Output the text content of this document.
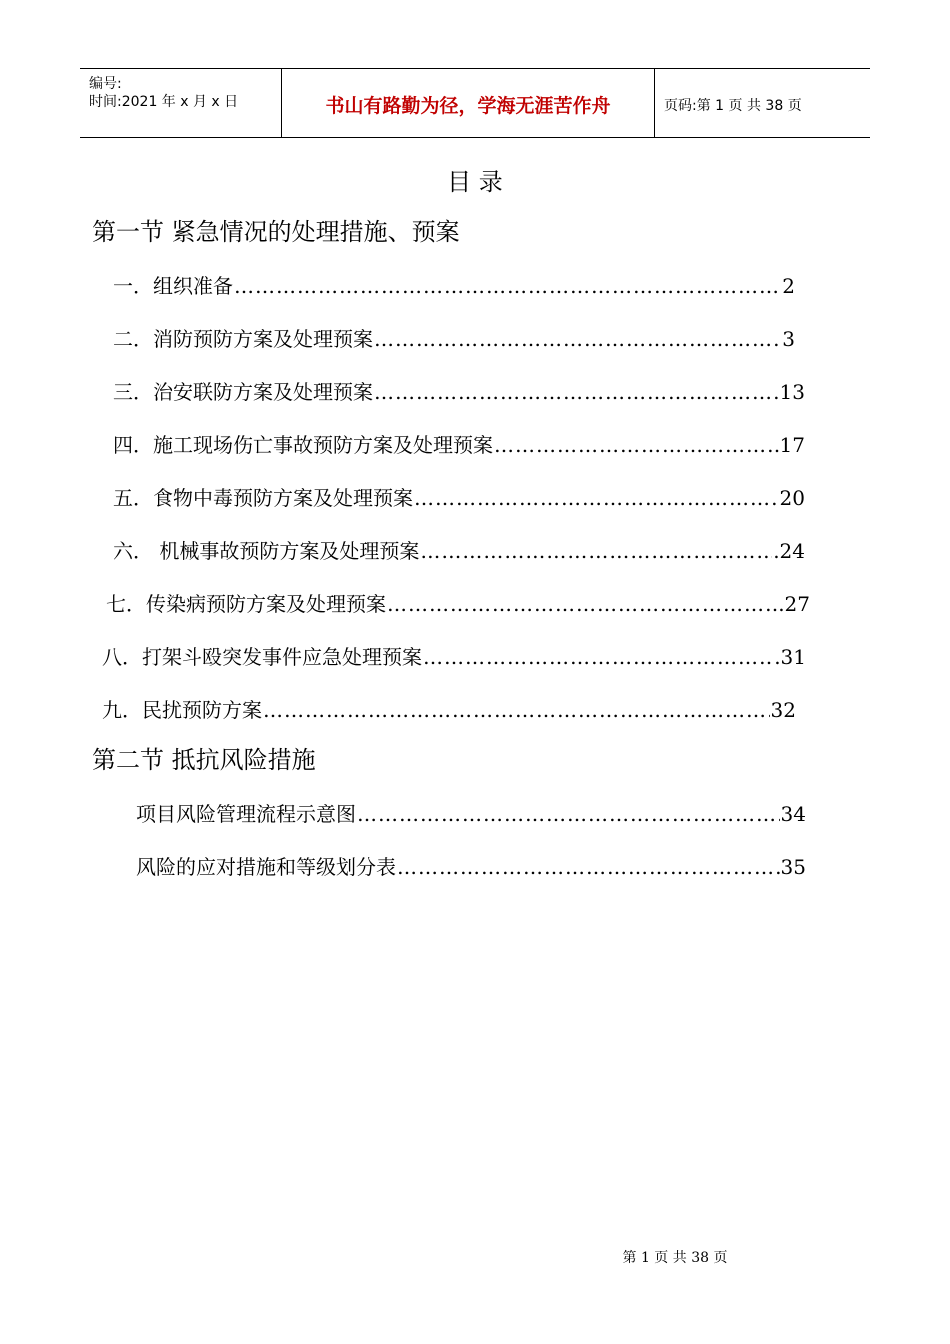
编号:
时间:2021 年 x 月 x 日	书山有路勤为径，学海无涯苦作舟	页码:第 1 页 共 38 页
目 录
第一节 紧急情况的处理措施、预案
一．组织准备 …………………………………………………………………………………………………………………………………………	2
二．消防预防方案及处理预案 …………………………………………………………………………………………………………………………………………	3
三．治安联防方案及处理预案 …………………………………………………………………………………………………………………………………………	13
四．施工现场伤亡事故预防方案及处理预案 …………………………………………………………………………………………………………………………………………	17
五．食物中毒预防方案及处理预案 …………………………………………………………………………………………………………………………………………	20
六． 机械事故预防方案及处理预案 …………………………………………………………………………………………………………………………………………	.24
七．传染病预防方案及处理预案 …………………………………………………………………………………………………………………………………………	.27
八．打架斗殴突发事件应急处理预案 …………………………………………………………………………………………………………………………………………	.31
九．民扰预防方案 …………………………………………………………………………………………………………………………………………	32
第二节 抵抗风险措施
项目风险管理流程示意图 …………………………………………………………………………………………………………………………………………	34
风险的应对措施和等级划分表 …………………………………………………………………………………………………………………………………………	35
第 1 页 共 38 页
